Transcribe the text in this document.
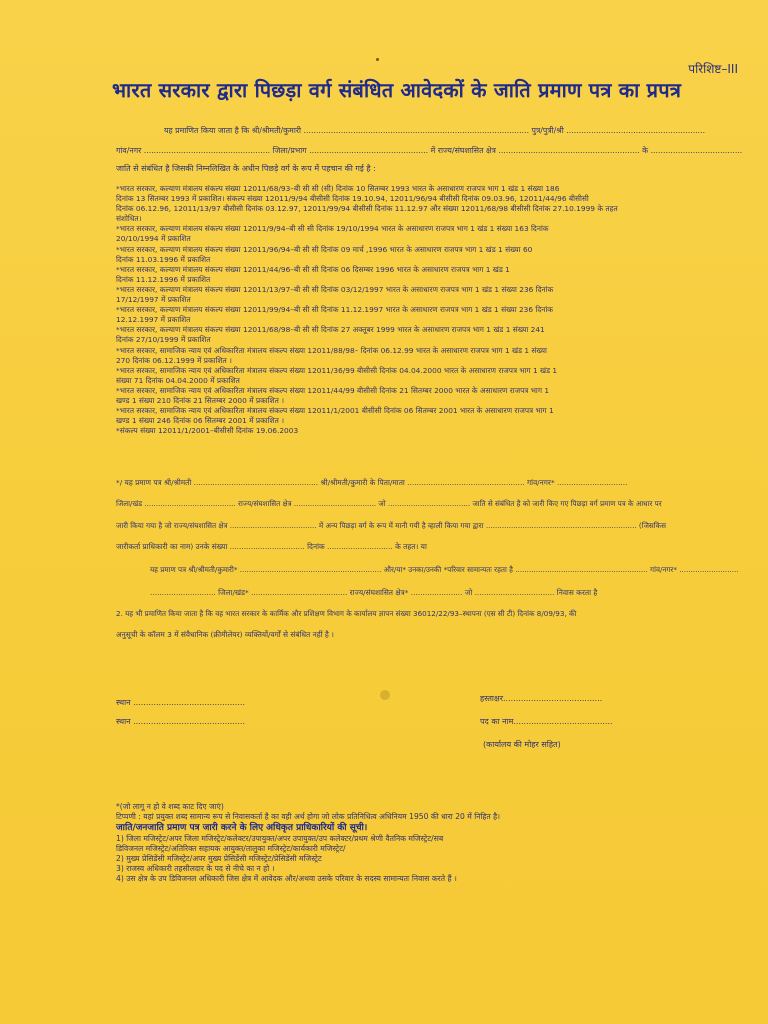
परिशिष्ट–III
भारत सरकार द्वारा पिछड़ा वर्ग संबंधित आवेदकों के जाति प्रमाण पत्र का प्रपत्र
यह प्रमाणित किया जाता है कि श्री/श्रीमती/कुमारी ........................................................................................... पुत्र/पुत्री/श्री ........................................................
गांव/नगर ................................................... जिला/प्रभाग ................................................ में राज्य/संघशासित क्षेत्र ......................................................... के .....................................
जाति से संबंधित है जिसकी निम्नलिखित के अधीन पिछड़े वर्ग के रूप में पहचान की गई है :

*भारत सरकार, कल्याण मंत्रालय संकल्प संख्या 12011/68/93–बी सी सी (सी) दिनांक 10 सितम्बर 1993 भारत के असाधारण राजपत्र भाग 1 खंड 1 संख्या 186

दिनांक 13 सितम्बर 1993 में प्रकाशित। संकल्प संख्या 12011/9/94 बीसीसी दिनांक 19.10.94, 12011/96/94 बीसीसी दिनांक 09.03.96, 12011/44/96 बीसीसी

दिनांक 06.12.96, 12011/13/97 बीसीसी दिनांक 03.12.97, 12011/99/94 बीसीसी दिनांक 11.12.97 और संख्या 12011/68/98 बीसीसी दिनांक 27.10.1999 के तहत

संशोधित।

*भारत सरकार, कल्याण मंत्रालय संकल्प संख्या 12011/9/94–बी सी सी दिनांक 19/10/1994 भारत के असाधारण राजपत्र भाग 1 खंड 1 संख्या 163 दिनांक

20/10/1994 में प्रकाशित

*भारत सरकार, कल्याण मंत्रालय संकल्प संख्या 12011/96/94–बी सी सी दिनांक 09 मार्च ,1996 भारत के असाधारण राजपत्र भाग 1 खंड 1 संख्या 60

दिनांक 11.03.1996 में प्रकाशित

*भारत सरकार, कल्याण मंत्रालय संकल्प संख्या 12011/44/96–बी सी सी दिनांक 06 दिसम्बर 1996 भारत के असाधारण राजपत्र भाग 1 खंड 1

दिनांक 11.12.1996 में प्रकाशित

*भारत सरकार, कल्याण मंत्रालय संकल्प संख्या 12011/13/97–बी सी सी दिनांक 03/12/1997 भारत के असाधारण राजपत्र भाग 1 खंड 1 संख्या 236 दिनांक

17/12/1997 में प्रकाशित

*भारत सरकार, कल्याण मंत्रालय संकल्प संख्या 12011/99/94–बी सी सी दिनांक 11.12.1997 भारत के असाधारण राजपत्र भाग 1 खंड 1 संख्या 236 दिनांक

12.12.1997 में प्रकाशित

*भारत सरकार, कल्याण मंत्रालय संकल्प संख्या 12011/68/98–बी सी सी दिनांक 27 अक्तूबर 1999 भारत के असाधारण राजपत्र भाग 1 खंड 1 संख्या 241

दिनांक 27/10/1999 में प्रकाशित

*भारत सरकार, सामाजिक न्याय एवं अधिकारिता मंत्रालय संकल्प संख्या 12011/88/98– दिनांक 06.12.99 भारत के असाधारण राजपत्र भाग 1 खंड 1 संख्या

270 दिनांक 06.12.1999 में प्रकाशित ।

*भारत सरकार, सामाजिक न्याय एवं अधिकारिता मंत्रालय संकल्प संख्या 12011/36/99 बीसीसी दिनांक 04.04.2000 भारत के असाधारण राजपत्र भाग 1 खंड 1

संख्या 71 दिनांक 04.04.2000 में प्रकाशित

*भारत सरकार, सामाजिक न्याय एवं अधिकारिता मंत्रालय संकल्प संख्या 12011/44/99 बीसीसी दिनांक 21 सितम्बर 2000 भारत के असाधारण राजपत्र भाग 1

खण्ड 1 संख्या 210 दिनांक 21 सितम्बर 2000 में प्रकाशित ।

*भारत सरकार, सामाजिक न्याय एवं अधिकारिता मंत्रालय संकल्प संख्या 12011/1/2001 बीसीसी दिनांक 06 सितम्बर 2001 भारत के असाधारण राजपत्र भाग 1

खण्ड 1 संख्या 246 दिनांक 06 सितम्बर 2001 में प्रकाशित ।

*संकल्प संख्या 12011/1/2001–बीसीसी दिनांक 19.06.2003

*/ यह प्रमाण पत्र श्री/श्रीमती ..................................................... श्री/श्रीमती/कुमारी के पिता/माता .................................................. गांव/नगर* ..............................
जिला/खंड ........................................ राज्य/संघशासित क्षेत्र .................................... जो .................................... जाति से संबंधित है को जारी किए गए पिछड़ा वर्ग प्रमाण पत्र के आधार पर
जारी किया गया है जो राज्य/संघशासित क्षेत्र ...................................... में अन्य पिछड़ा वर्ग के रूप में मानी गयी है व्हाली किया गया द्वारा .................................................................. (जिसकिस
जारीकर्ता प्राधिकारी का नाम) उनके संख्या ................................ दिनांक ............................ के तहत। या
यह प्रमाण पत्र श्री/श्रीमती/कुमारी* .............................................................. और/या* उनका/उनकी *परिवार सामान्यतः रहता है .......................................................... गांव/नगर* ..........................
............................ जिला/खंड* ......................................... राज्य/संघशासित क्षेत्र* ...................... जो .................................. निवास करता है
2. यह भी प्रमाणित किया जाता है कि वह भारत सरकार के कार्मिक और प्रशिक्षण विभाग के कार्यालय ज्ञापन संख्या 36012/22/93–स्थापना (एस सी टी) दिनांक 8/09/93, की
अनुसूची के कॉलम 3 में संवैधानिक (क्रीमीलेयर) व्यक्तियों/वर्गों से संबंधित नहीं है ।
स्थान ............................................
स्थान ............................................
हस्ताक्षर.......................................
पद का नाम.......................................
(कार्यालय की मोहर सहित)

*(जो लागू न हो वे शब्द काट दिए जाएं)

टिप्पणी : यहां प्रयुक्त शब्द सामान्य रूप से निवासकर्ता है का वही अर्थ होगा जो लोक प्रतिनिधित्व अधिनियम 1950 की धारा 20 में निहित है।

जाति/जनजाति प्रमाण पत्र जारी करने के लिए अधिकृत प्राधिकारियों की सूची।

1) जिला मजिस्ट्रेट/अपर जिला मजिस्ट्रेट/कलेक्टर/उपायुक्त/अपर उपायुक्त/उप कलेक्टर/प्रथम श्रेणी वैतनिक मजिस्ट्रेट/सब

डिविजनल मजिस्ट्रेट/अतिरिक्त सहायक आयुक्त/तालुका मजिस्ट्रेट/कार्यकारी मजिस्ट्रेट/

2) मुख्य प्रेसिडेंसी मजिस्ट्रेट/अपर मुख्य प्रेसिडेंसी मजिस्ट्रेट/प्रेसिडेंसी मजिस्ट्रेट

3) राजस्व अधिकारी तहसीलदार के पद से नीचे का न हो ।

4) उस क्षेत्र के उप डिविजनल अधिकारी जिस क्षेत्र में आवेदक और/अथवा उसके परिवार के सदस्य सामान्यतः निवास करते हैं ।
